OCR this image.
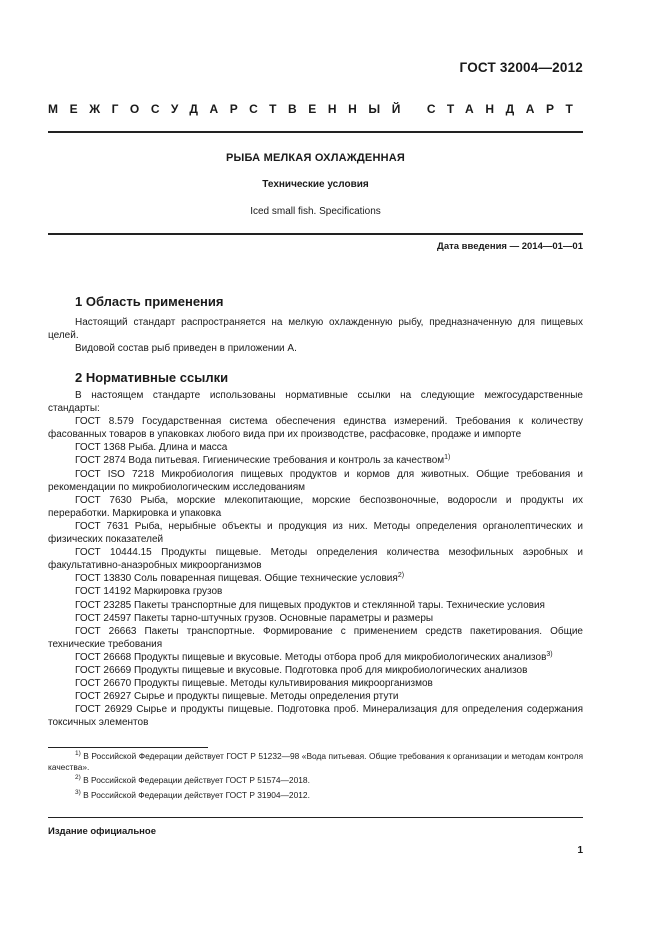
ГОСТ 32004—2012
МЕЖГОСУДАРСТВЕННЫЙ СТАНДАРТ
РЫБА МЕЛКАЯ ОХЛАЖДЕННАЯ
Технические условия
Iced small fish. Specifications
Дата введения — 2014—01—01
1 Область применения

Настоящий стандарт распространяется на мелкую охлажденную рыбу, предназначенную для пищевых целей.

Видовой состав рыб приведен в приложении А.

2 Нормативные ссылки

В настоящем стандарте использованы нормативные ссылки на следующие межгосударственные стандарты:

ГОСТ 8.579 Государственная система обеспечения единства измерений. Требования к количеству фасованных товаров в упаковках любого вида при их производстве, расфасовке, продаже и импорте

ГОСТ 1368 Рыба. Длина и масса

ГОСТ 2874 Вода питьевая. Гигиенические требования и контроль за качеством$^{1)}$

ГОСТ ISO 7218 Микробиология пищевых продуктов и кормов для животных. Общие требования и рекомендации по микробиологическим исследованиям

ГОСТ 7630 Рыба, морские млекопитающие, морские беспозвоночные, водоросли и продукты их переработки. Маркировка и упаковка

ГОСТ 7631 Рыба, нерыбные объекты и продукция из них. Методы определения органолептических и физических показателей

ГОСТ 10444.15 Продукты пищевые. Методы определения количества мезофильных аэробных и факультативно-анаэробных микроорганизмов

ГОСТ 13830 Соль поваренная пищевая. Общие технические условия$^{2)}$

ГОСТ 14192 Маркировка грузов

ГОСТ 23285 Пакеты транспортные для пищевых продуктов и стеклянной тары. Технические условия

ГОСТ 24597 Пакеты тарно-штучных грузов. Основные параметры и размеры

ГОСТ 26663 Пакеты транспортные. Формирование с применением средств пакетирования. Общие технические требования

ГОСТ 26668 Продукты пищевые и вкусовые. Методы отбора проб для микробиологических анализов$^{3)}$

ГОСТ 26669 Продукты пищевые и вкусовые. Подготовка проб для микробиологических анализов

ГОСТ 26670 Продукты пищевые. Методы культивирования микроорганизмов

ГОСТ 26927 Сырье и продукты пищевые. Методы определения ртути

ГОСТ 26929 Сырье и продукты пищевые. Подготовка проб. Минерализация для определения содержания токсичных элементов

$^{1)}$ В Российской Федерации действует ГОСТ Р 51232—98 «Вода питьевая. Общие требования к организации и методам контроля качества».
$^{2)}$ В Российской Федерации действует ГОСТ Р 51574—2018.
$^{3)}$ В Российской Федерации действует ГОСТ Р 31904—2012.
Издание официальное
1
